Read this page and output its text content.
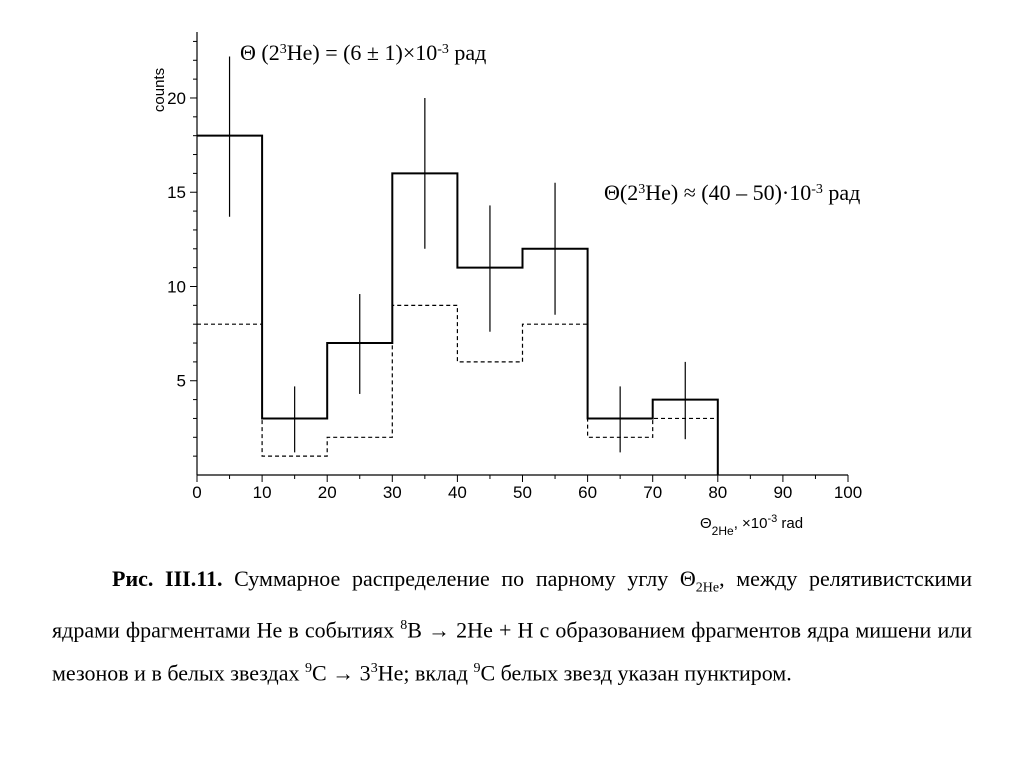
0	10	20	30	40	50	60	70	80	90 100
5
10
15
20
counts
$\Theta_{2He}$, $\times 10^{-3}$ rad
Θ $(2^3He) = (6 \pm 1)\times 10^{-3}$ рад
$\Theta(2^3He) \approx (40 - 50)\cdot 10^{-3}$ рад

Рис. III.11. Суммарное распределение по парному углу $\Theta_{2He}$, между релятивистскими ядрами фрагментами He в событиях $^8$B → 2He + H с образованием фрагментов ядра мишени или мезонов и в белых звездах $^9C \to 3^3He$; вклад $^9$C белых звезд указан пунктиром.
